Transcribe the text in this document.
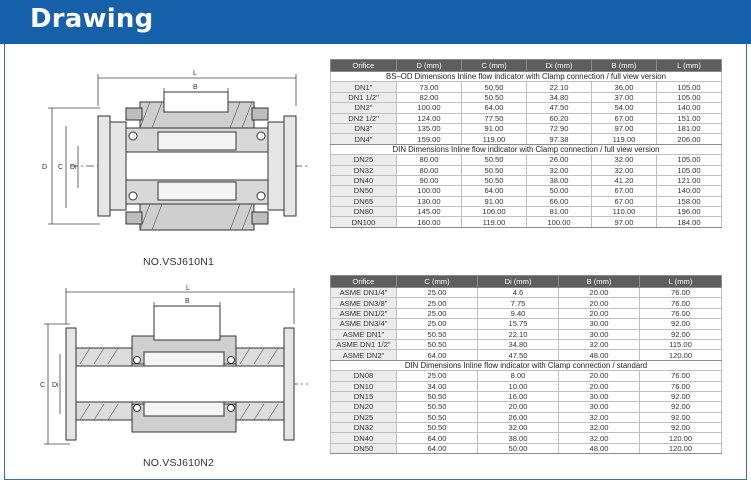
Drawing
L
B
D C Di
NO.VSJ610N1
L
B
C Di
NO.VSJ610N2
Orifice	D (mm)	C (mm)	Di (mm)	B (mm)	L (mm)
BS–OD Dimensions Inline flow indicator with Clamp connection / full view version					
DN1"	73.00	50.50	22.10	36.00	105.00
DN1 1/2"	82.00	50.50	34.80	37.00	105.00
DN2"	100.00	64.00	47.50	54.00	140.00
DN2 1/2"	124.00	77.50	60.20	67.00	151.00
DN3"	135.00	91.00	72.90	97.00	181.00
DN4"	159.00	119.00	97.38	119.00	206.00
DIN Dimensions Inline flow indicator with Clamp connection / full view version					
DN25	80.00	50.50	26.00	32.00	105.00
DN32	80.00	50.50	32.00	32.00	105.00
DN40	90.00	50.50	38.00	41.20	121.00
DN50	100.00	64.00	50.00	67.00	140.00
DN65	130.00	91.00	66.00	67.00	158.00
DN80	145.00	106.00	81.00	110.00	196.00
DN100	160.00	119.00	100.00	97.00	184.00
Orifice	C (mm)	Di (mm)	B (mm)	L (mm)
ASME DN1/4"	25.00	4.6	20.00	76.00
ASME DN3/8"	25.00	7.75	20.00	76.00
ASME DN1/2"	25.00	9.40	20.00	76.00
ASME DN3/4"	25.00	15.75	30.00	92.00
ASME DN1"	50.50	22.10	30.00	92.00
ASME DN1 1/2"	50.50	34.80	32.00	115.00
ASME DN2"	64.00	47.50	48.00	120.00
DIN Dimensions Inline flow indicator with Clamp connection / standard				
DN08	25.00	8.00	20.00	76.00
DN10	34.00	10.00	20.00	76.00
DN15	50.50	16.00	30.00	92.00
DN20	50.50	20.00	30.00	92.00
DN25	50.50	26.00	32.00	92.00
DN32	50.50	32.00	32.00	92.00
DN40	64.00	38.00	32.00	120.00
DN50	64.00	50.00	48.00	120.00
